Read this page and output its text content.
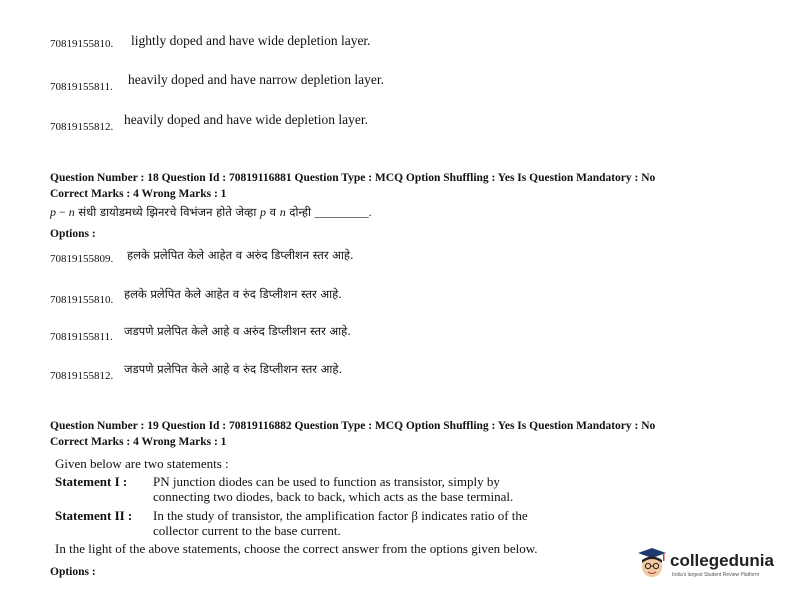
70819155810. lightly doped and have wide depletion layer.
70819155811. heavily doped and have narrow depletion layer.
70819155812. heavily doped and have wide depletion layer.
Question Number : 18 Question Id : 70819116881 Question Type : MCQ Option Shuffling : Yes Is Question Mandatory : No
Correct Marks : 4 Wrong Marks : 1
p − n संधी डायोडमध्ये झिनरचे विभंजन होते जेव्हा p व n दोन्ही _________.
Options :
70819155809. हलके प्रलेपित केले आहेत व अरुंद डिप्लीशन स्तर आहे.
70819155810. हलके प्रलेपित केले आहेत व रुंद डिप्लीशन स्तर आहे.
70819155811. जडपणे प्रलेपित केले आहे व अरुंद डिप्लीशन स्तर आहे.
70819155812. जडपणे प्रलेपित केले आहे व रुंद डिप्लीशन स्तर आहे.
Question Number : 19 Question Id : 70819116882 Question Type : MCQ Option Shuffling : Yes Is Question Mandatory : No
Correct Marks : 4 Wrong Marks : 1
Given below are two statements :
Statement I : PN junction diodes can be used to function as transistor, simply by
connecting two diodes, back to back, which acts as the base terminal.
Statement II : In the study of transistor, the amplification factor β indicates ratio of the
collector current to the base current.
In the light of the above statements, choose the correct answer from the options given below.
Options :
collegedunia
India's largest Student Review Platform
